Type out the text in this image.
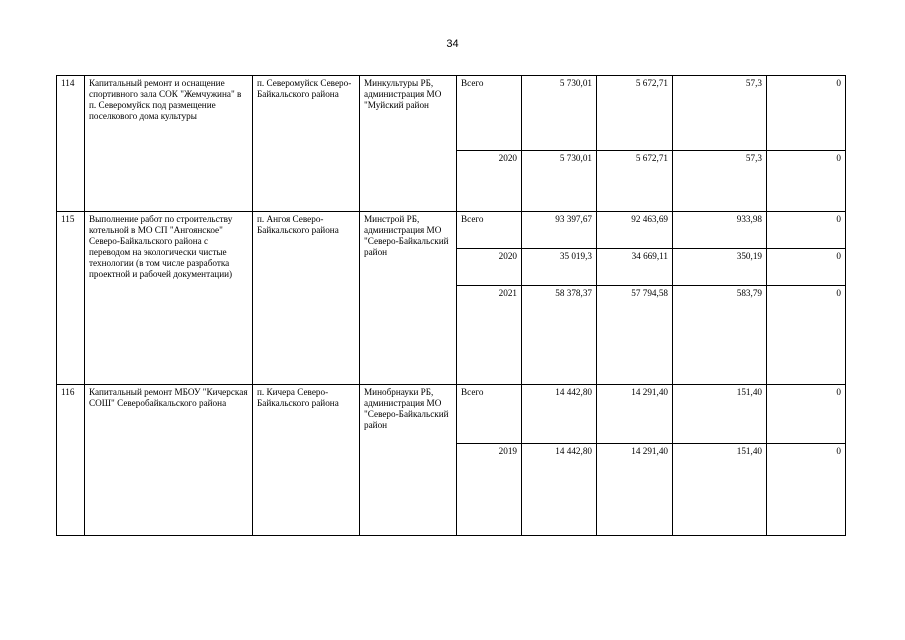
34
114	Капитальный ремонт и оснащение спортивного зала СОК "Жемчужина" в п. Северомуйск под размещение поселкового дома культуры	п. Северомуйск Северо-Байкальского района	Минкультуры РБ, администрация МО "Муйский район	Всего	5 730,01	5 672,71	57,3	0
				2020	5 730,01	5 672,71	57,3	0
115	Выполнение работ по строительству котельной в МО СП "Ангоянское" Северо-Байкальского района с переводом на экологически чистые технологии (в том числе разработка проектной и рабочей документации)	п. Ангоя Северо-Байкальского района	Минстрой РБ, администрация МО "Северо-Байкальский район	Всего	93 397,67	92 463,69	933,98	0
				2020	35 019,3	34 669,11	350,19	0
				2021	58 378,37	57 794,58	583,79	0
116	Капитальный ремонт МБОУ "Кичерская СОШ" Северобайкальского района	п. Кичера Северо-Байкальского района	Минобрнауки РБ, администрация МО "Северо-Байкальский район	Всего	14 442,80	14 291,40	151,40	0
				2019	14 442,80	14 291,40	151,40	0
